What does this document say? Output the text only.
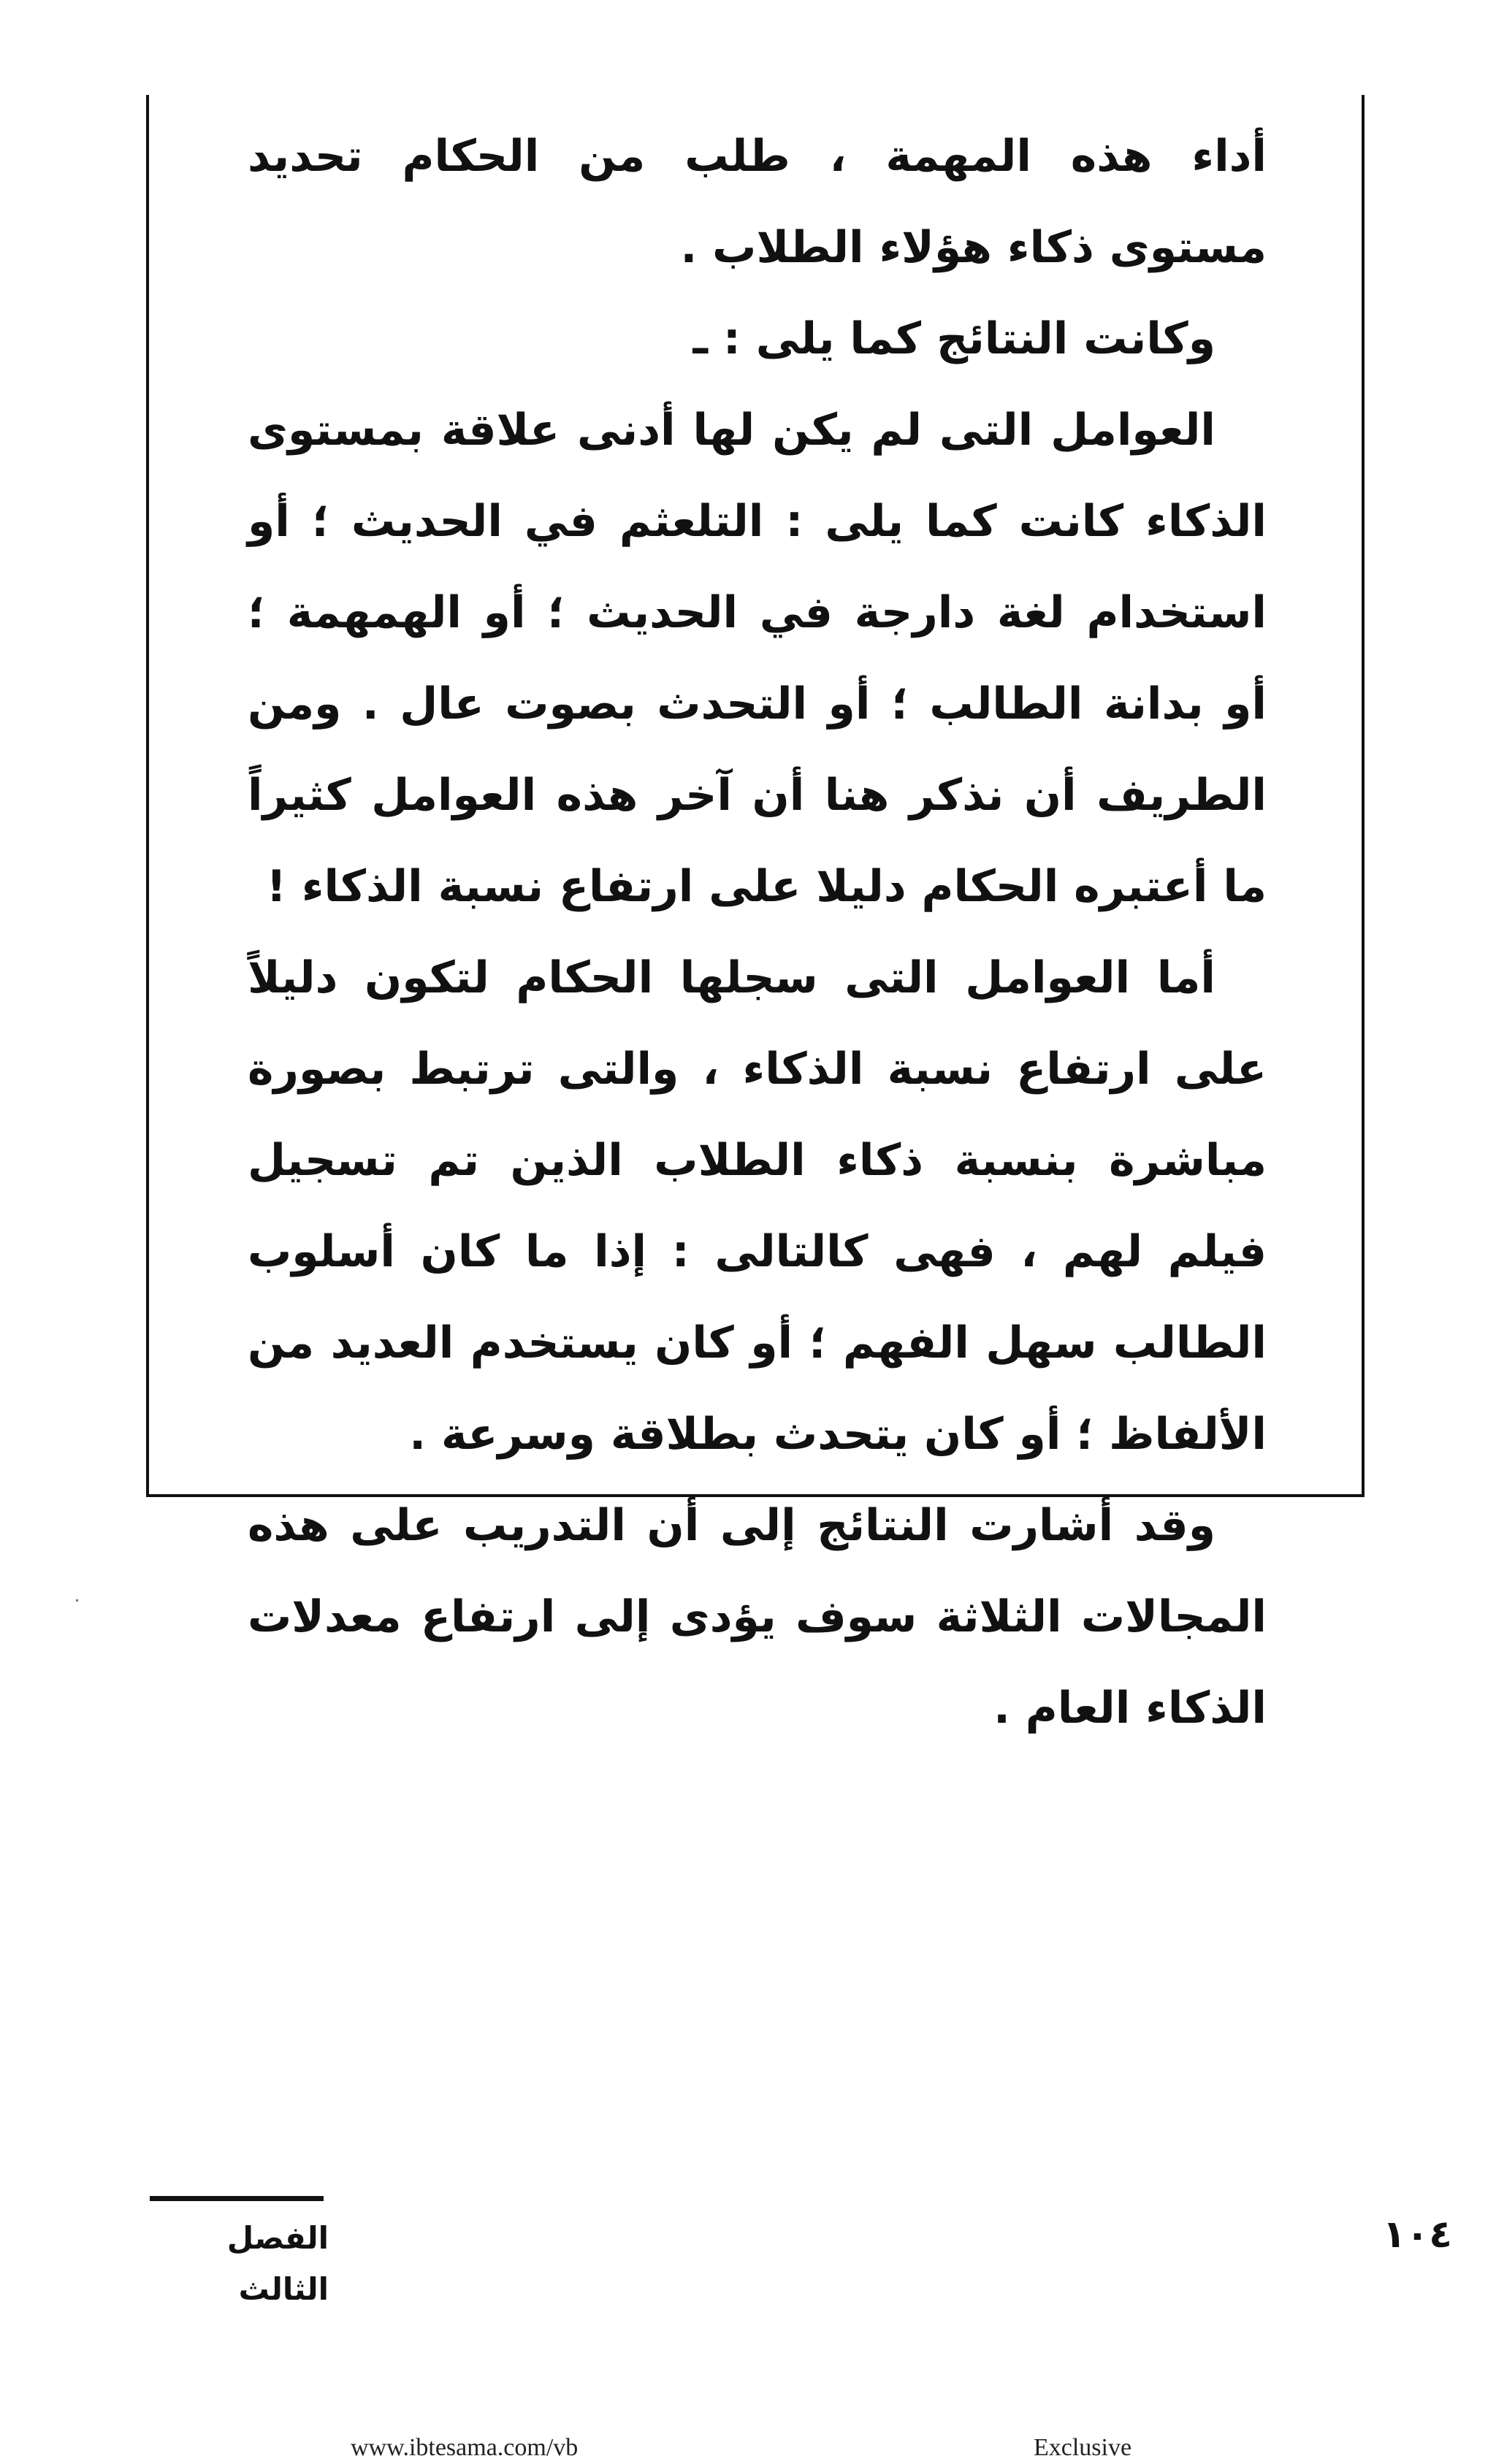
أداء هذه المهمة ، طلب من الحكام تحديد مستوى ذكاء هؤلاء الطلاب .

وكانت النتائج كما يلى : ـ

العوامل التى لم يكن لها أدنى علاقة بمستوى الذكاء كانت كما يلى : التلعثم في الحديث ؛ أو استخدام لغة دارجة في الحديث ؛ أو الهمهمة ؛ أو بدانة الطالب ؛ أو التحدث بصوت عال . ومن الطريف أن نذكر هنا أن آخر هذه العوامل كثيراً ما أعتبره الحكام دليلا على ارتفاع نسبة الذكاء !

أما العوامل التى سجلها الحكام لتكون دليلاً على ارتفاع نسبة الذكاء ، والتى ترتبط بصورة مباشرة بنسبة ذكاء الطلاب الذين تم تسجيل فيلم لهم ، فهى كالتالى : إذا ما كان أسلوب الطالب سهل الفهم ؛ أو كان يستخدم العديد من الألفاظ ؛ أو كان يتحدث بطلاقة وسرعة .

وقد أشارت النتائج إلى أن التدريب على هذه المجالات الثلاثة سوف يؤدى إلى ارتفاع معدلات الذكاء العام .

الفصل الثالث
١٠٤
www.ibtesama.com/vb	Exclusive
